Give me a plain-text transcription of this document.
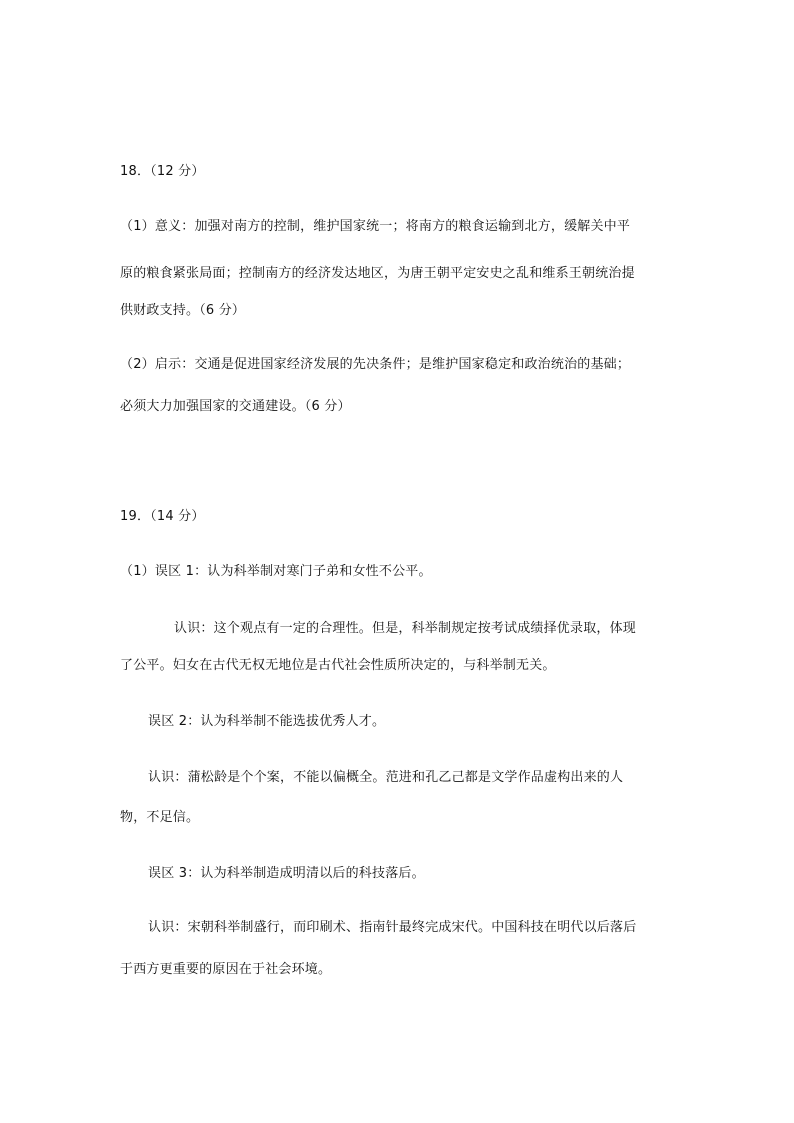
18．（12 分）
（1）意义：加强对南方的控制，维护国家统一；将南方的粮食运输到北方，缓解关中平
原的粮食紧张局面；控制南方的经济发达地区，为唐王朝平定安史之乱和维系王朝统治提
供财政支持。（6 分）
（2）启示：交通是促进国家经济发展的先决条件；是维护国家稳定和政治统治的基础；
必须大力加强国家的交通建设。（6 分）
19．（14 分）
（1）误区 1：认为科举制对寒门子弟和女性不公平。
认识：这个观点有一定的合理性。但是，科举制规定按考试成绩择优录取，体现
了公平。妇女在古代无权无地位是古代社会性质所决定的，与科举制无关。
误区 2：认为科举制不能选拔优秀人才。
认识：蒲松龄是个个案，不能以偏概全。范进和孔乙己都是文学作品虚构出来的人
物，不足信。
误区 3：认为科举制造成明清以后的科技落后。
认识：宋朝科举制盛行，而印刷术、指南针最终完成宋代。中国科技在明代以后落后
于西方更重要的原因在于社会环境。
